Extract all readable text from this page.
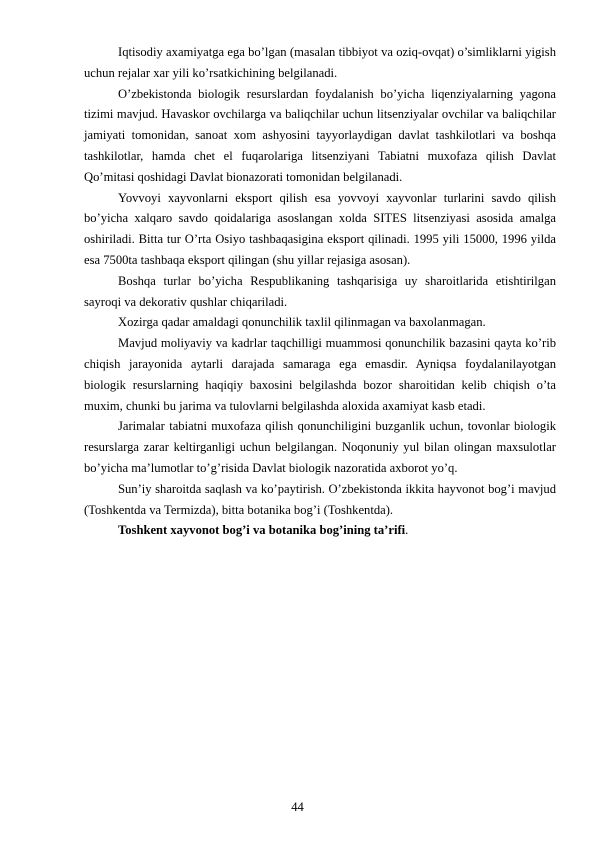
Iqtisodiy axamiyatga ega bo’lgan (masalan tibbiyot va oziq-ovqat) o’simliklarni yigish uchun rejalar xar yili ko’rsatkichining belgilanadi.

O’zbekistonda biologik resurslardan foydalanish bo’yicha liqenziyalarning yagona tizimi mavjud. Havaskor ovchilarga va baliqchilar uchun litsenziyalar ovchilar va baliqchilar jamiyati tomonidan, sanoat xom ashyosini tayyorlaydigan davlat tashkilotlari va boshqa tashkilotlar, hamda chet el fuqarolariga litsenziyani Tabiatni muxofaza qilish Davlat Qo’mitasi qoshidagi Davlat bionazorati tomonidan belgilanadi.

Yovvoyi xayvonlarni eksport qilish esa yovvoyi xayvonlar turlarini savdo qilish bo’yicha xalqaro savdo qoidalariga asoslangan xolda SITES litsenziyasi asosida amalga oshiriladi. Bitta tur O’rta Osiyo tashbaqasigina eksport qilinadi. 1995 yili 15000, 1996 yilda esa 7500ta tashbaqa eksport qilingan (shu yillar rejasiga asosan).

Boshqa turlar bo’yicha Respublikaning tashqarisiga uy sharoitlarida etishtirilgan sayroqi va dekorativ qushlar chiqariladi.

Xozirga qadar amaldagi qonunchilik taxlil qilinmagan va baxolanmagan.

Mavjud moliyaviy va kadrlar taqchilligi muammosi qonunchilik bazasini qayta ko’rib chiqish jarayonida aytarli darajada samaraga ega emasdir. Ayniqsa foydalanilayotgan biologik resurslarning haqiqiy baxosini belgilashda bozor sharoitidan kelib chiqish o’ta muxim, chunki bu jarima va tulovlarni belgilashda aloxida axamiyat kasb etadi.

Jarimalar tabiatni muxofaza qilish qonunchiligini buzganlik uchun, tovonlar biologik resurslarga zarar keltirganligi uchun belgilangan. Noqonuniy yul bilan olingan maxsulotlar bo’yicha ma’lumotlar to’g’risida Davlat biologik nazoratida axborot yo’q.

Sun’iy sharoitda saqlash va ko’paytirish. O’zbekistonda ikkita hayvonot bog’i mavjud (Toshkentda va Termizda), bitta botanika bog’i (Toshkentda).

Toshkent xayvonot bog’i va botanika bog’ining ta’rifi.

44
